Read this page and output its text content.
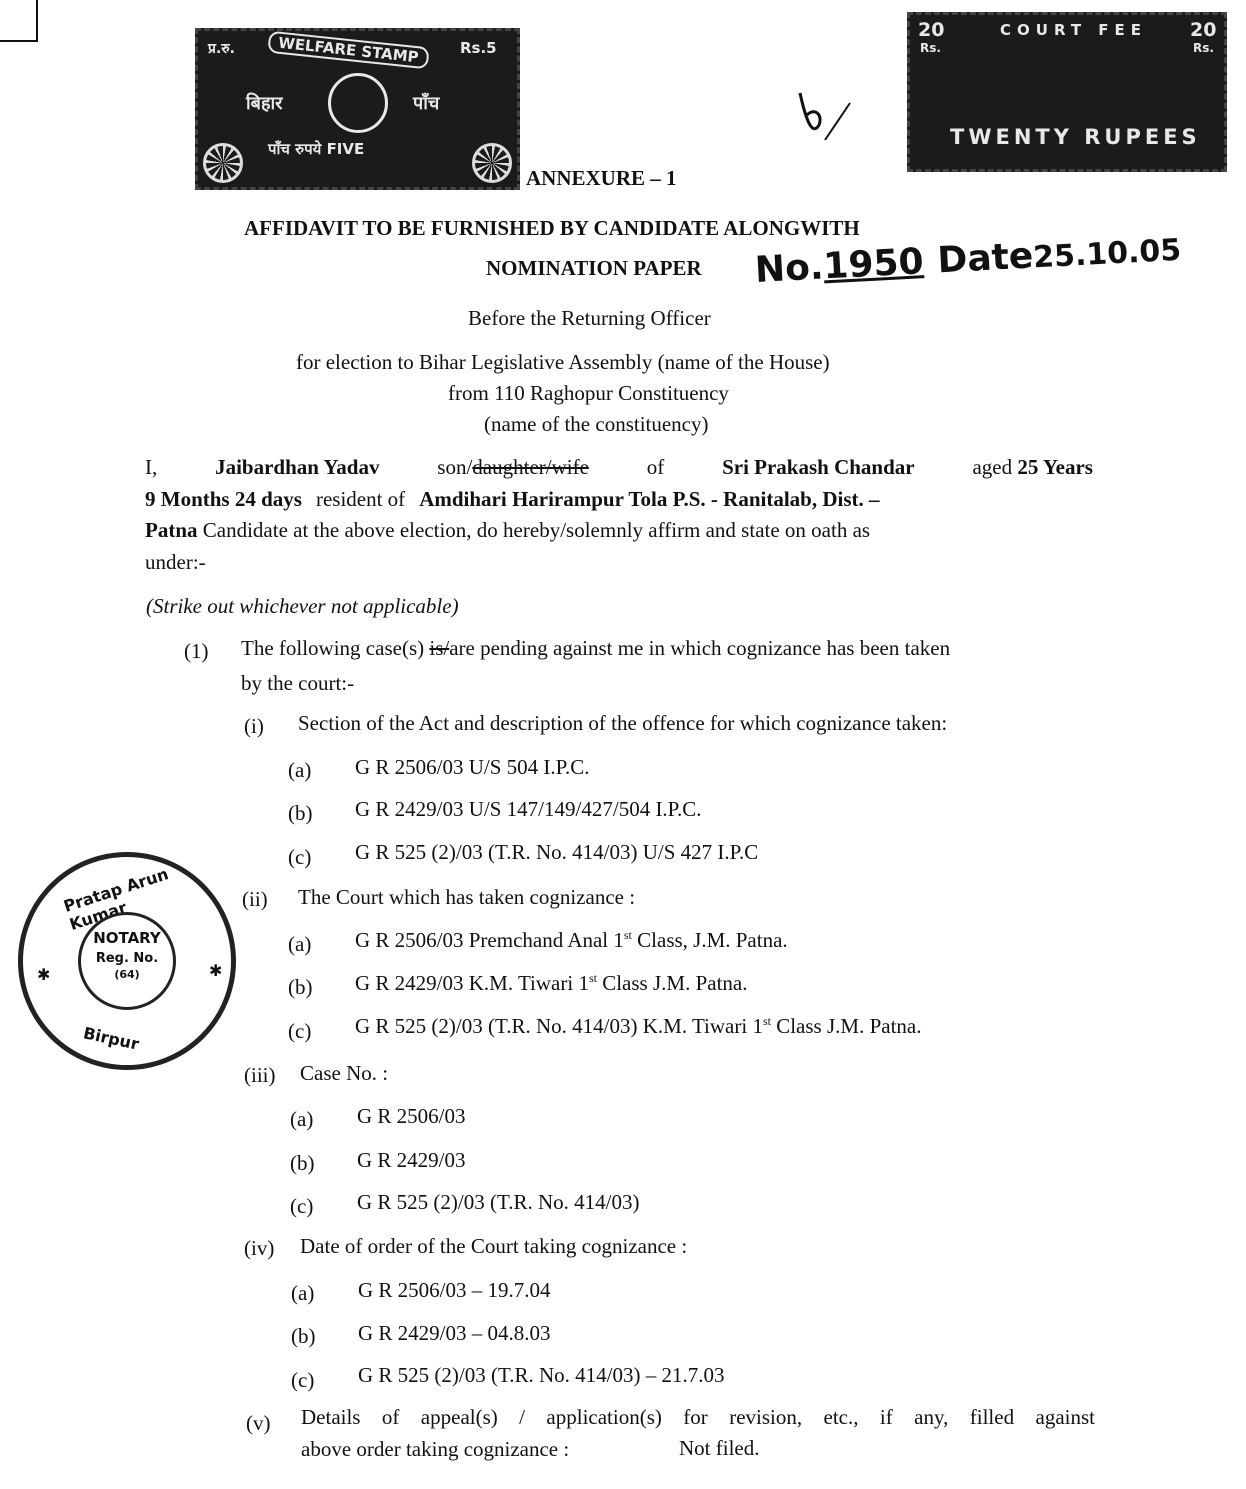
प्र.रु.	WELFARE STAMP	Rs.5
बिहार	पाँच
पाँच रुपये FIVE
20
Rs.
COURT FEE 20
Rs.
TWENTY RUPEES
ANNEXURE – 1
AFFIDAVIT TO BE FURNISHED BY CANDIDATE ALONGWITH
NOMINATION PAPER No.1950 Date25.10.05
Before the Returning Officer
for election to Bihar Legislative Assembly (name of the House)
from 110 Raghopur Constituency
(name of the constituency)
I,	Jaibardhan Yadav	son/daughter/wife	of	Sri Prakash Chandar	aged 25 Years
9 Months 24 days resident of Amdihari Harirampur Tola P.S. - Ranitalab, Dist. –
Patna Candidate at the above election, do hereby/solemnly affirm and state on oath as
under:-
(Strike out whichever not applicable)
(1) The following case(s) is/are pending against me in which cognizance has been taken
by the court:-
(i) Section of the Act and description of the offence for which cognizance taken:
(a) G R 2506/03 U/S 504 I.P.C.
(b) G R 2429/03 U/S 147/149/427/504 I.P.C.
(c) G R 525 (2)/03 (T.R. No. 414/03) U/S 427 I.P.C
(ii) The Court which has taken cognizance :
(a) G R 2506/03 Premchand Anal 1st Class, J.M. Patna.
(b) G R 2429/03 K.M. Tiwari 1st Class J.M. Patna.
(c) G R 525 (2)/03 (T.R. No. 414/03) K.M. Tiwari 1st Class J.M. Patna.
(iii) Case No. :
(a) G R 2506/03
(b) G R 2429/03
(c) G R 525 (2)/03 (T.R. No. 414/03)
(iv) Date of order of the Court taking cognizance :
(a) G R 2506/03 – 19.7.04
(b) G R 2429/03 – 04.8.03
(c) G R 525 (2)/03 (T.R. No. 414/03) – 21.7.03
(v) Details of appeal(s) / application(s) for revision, etc., if any, filled against
above order taking cognizance :	Not filed.
Pratap Arun Kumar
✱	✱
Birpur
NOTARY
Reg. No.
(64)
